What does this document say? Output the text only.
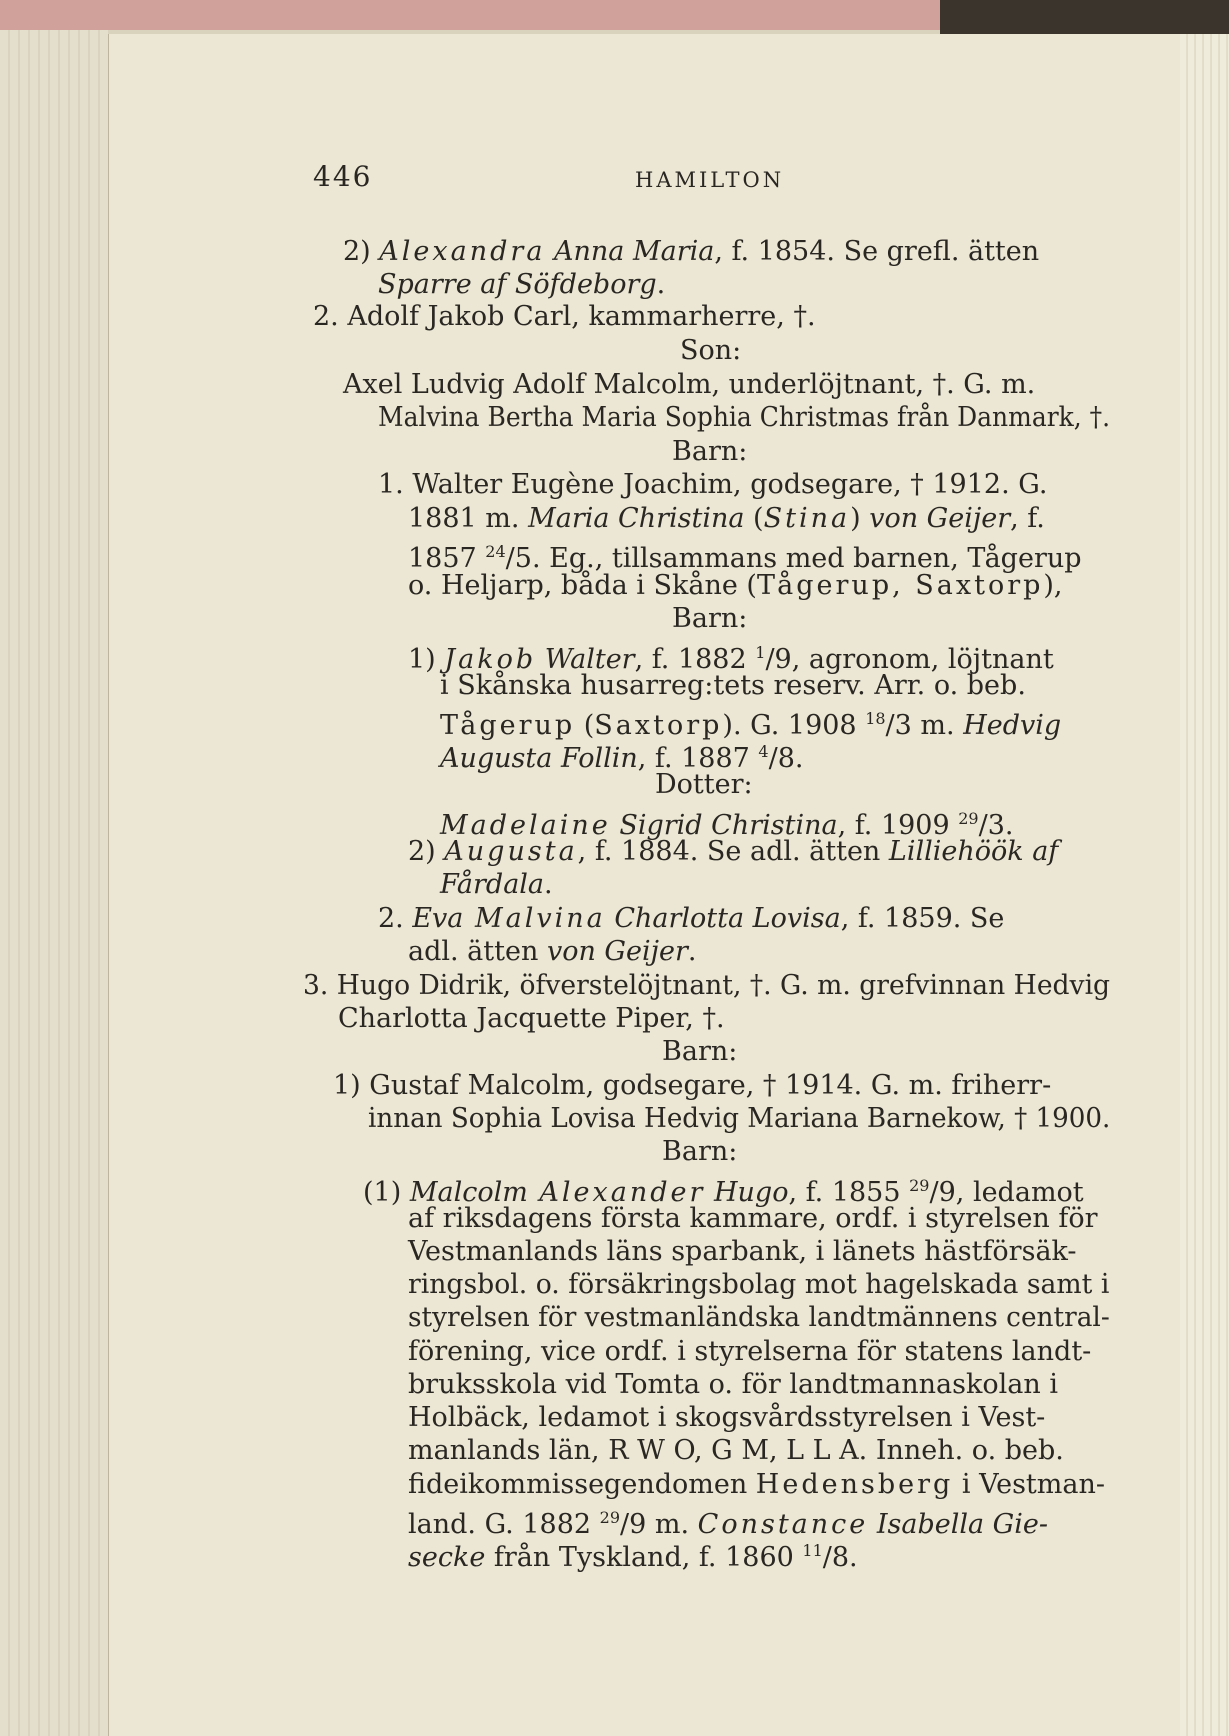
446	HAMILTON
2) Alexandra Anna Maria, f. 1854. Se grefl. ätten
Sparre af Söfdeborg.
2. Adolf Jakob Carl, kammarherre, †.
Son:
Axel Ludvig Adolf Malcolm, underlöjtnant, †. G. m.
Malvina Bertha Maria Sophia Christmas från Danmark, †.
Barn:
1. Walter Eugène Joachim, godsegare, † 1912. G.
1881 m. Maria Christina (Stina) von Geijer, f.
1857 $^{24}$/5. Eg., tillsammans med barnen, Tågerup
o. Heljarp, båda i Skåne (Tågerup, Saxtorp),
Barn:
1) Jakob Walter, f. 1882 $^1$/9, agronom, löjtnant
i Skånska husarreg:tets reserv. Arr. o. beb.
Tågerup (Saxtorp). G. 1908 $^{18}$/3 m. Hedvig
Augusta Follin, f. 1887 $^4$/8.
Dotter:
Madelaine Sigrid Christina, f. 1909 $^{29}$/3.
2) Augusta, f. 1884. Se adl. ätten Lilliehöök af
Fårdala.
2. Eva Malvina Charlotta Lovisa, f. 1859. Se
adl. ätten von Geijer.
3. Hugo Didrik, öfverstelöjtnant, †. G. m. grefvinnan Hedvig
Charlotta Jacquette Piper, †.
Barn:
1) Gustaf Malcolm, godsegare, † 1914. G. m. friherr-
innan Sophia Lovisa Hedvig Mariana Barnekow, † 1900.
Barn:
(1) Malcolm Alexander Hugo, f. 1855 $^{29}$/9, ledamot
af riksdagens första kammare, ordf. i styrelsen för
Vestmanlands läns sparbank, i länets hästförsäk-
ringsbol. o. försäkringsbolag mot hagelskada samt i
styrelsen för vestmanländska landtmännens central-
förening, vice ordf. i styrelserna för statens landt-
bruksskola vid Tomta o. för landtmannaskolan i
Holbäck, ledamot i skogsvårdsstyrelsen i Vest-
manlands län, R W O, G M, L L A. Inneh. o. beb.
fideikommissegendomen Hedensberg i Vestman-
land. G. 1882 $^{29}$/9 m. Constance Isabella Gie-
secke från Tyskland, f. 1860 $^{11}$/8.
